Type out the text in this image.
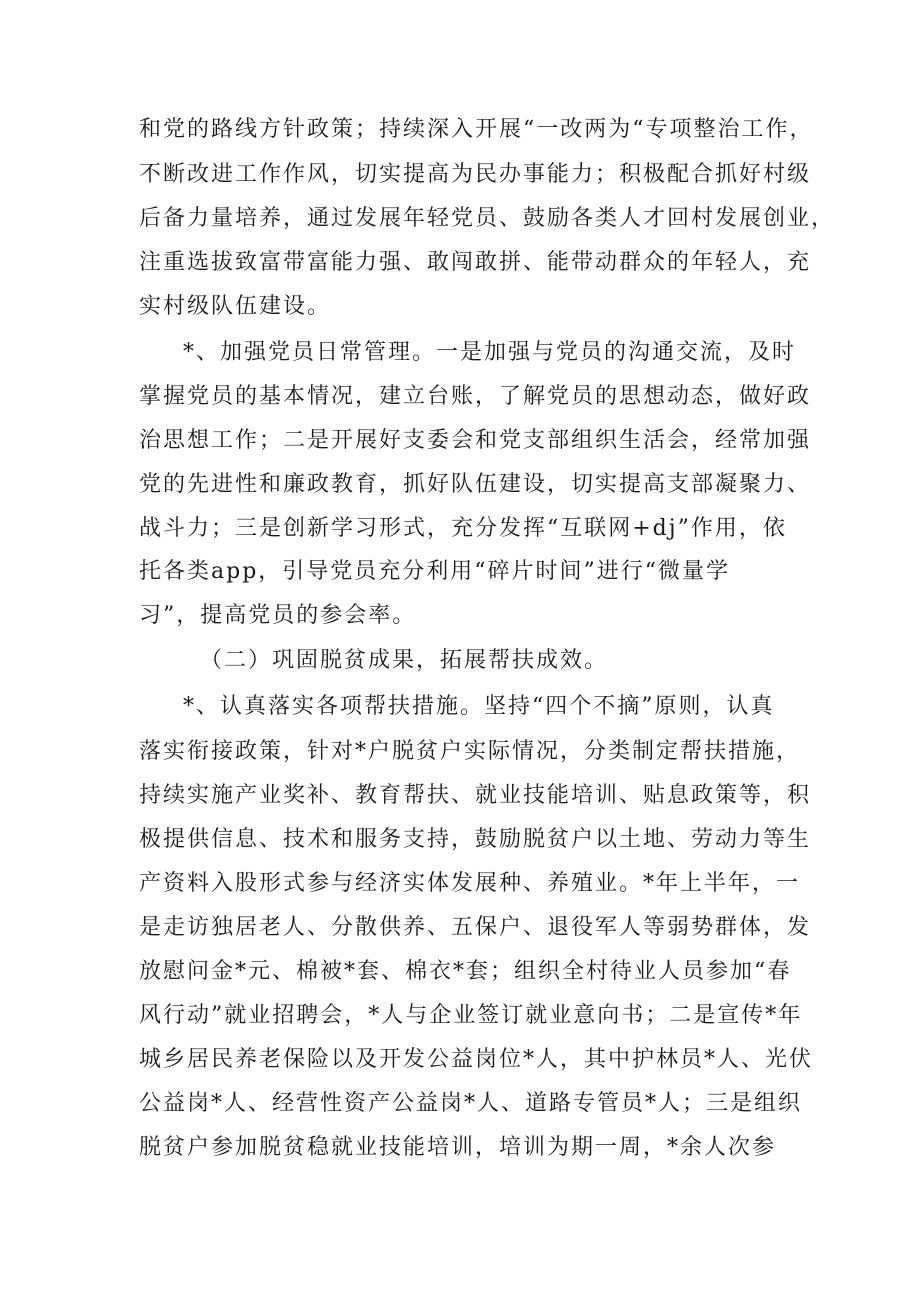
和党的路线方针政策；持续深入开展“一改两为“专项整治工作，
不断改进工作作风，切实提高为民办事能力；积极配合抓好村级
后备力量培养，通过发展年轻党员、鼓励各类人才回村发展创业，
注重选拔致富带富能力强、敢闯敢拼、能带动群众的年轻人，充
实村级队伍建设。
*、加强党员日常管理。一是加强与党员的沟通交流，及时
掌握党员的基本情况，建立台账，了解党员的思想动态，做好政
治思想工作；二是开展好支委会和党支部组织生活会，经常加强
党的先进性和廉政教育，抓好队伍建设，切实提高支部凝聚力、
战斗力；三是创新学习形式，充分发挥“互联网+dj”作用，依
托各类app，引导党员充分利用“碎片时间”进行“微量学
习”，提高党员的参会率。
（二）巩固脱贫成果，拓展帮扶成效。
*、认真落实各项帮扶措施。坚持“四个不摘”原则，认真
落实衔接政策，针对*户脱贫户实际情况，分类制定帮扶措施，
持续实施产业奖补、教育帮扶、就业技能培训、贴息政策等，积
极提供信息、技术和服务支持，鼓励脱贫户以土地、劳动力等生
产资料入股形式参与经济实体发展种、养殖业。*年上半年，一
是走访独居老人、分散供养、五保户、退役军人等弱势群体，发
放慰问金*元、棉被*套、棉衣*套；组织全村待业人员参加“春
风行动”就业招聘会，*人与企业签订就业意向书；二是宣传*年
城乡居民养老保险以及开发公益岗位*人，其中护林员*人、光伏
公益岗*人、经营性资产公益岗*人、道路专管员*人；三是组织
脱贫户参加脱贫稳就业技能培训，培训为期一周，*余人次参
